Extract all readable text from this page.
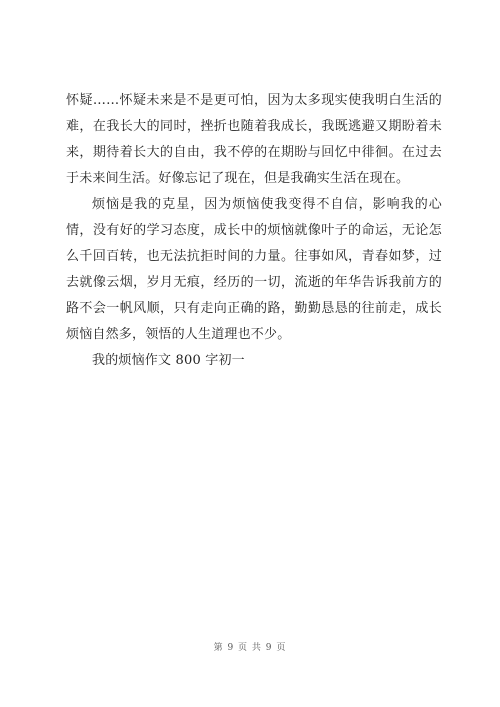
怀疑……怀疑未来是不是更可怕，因为太多现实使我明白生活的难，在我长大的同时，挫折也随着我成长，我既逃避又期盼着未来，期待着长大的自由，我不停的在期盼与回忆中徘徊。在过去于未来间生活。好像忘记了现在，但是我确实生活在现在。

烦恼是我的克星，因为烦恼使我变得不自信，影响我的心情，没有好的学习态度，成长中的烦恼就像叶子的命运，无论怎么千回百转，也无法抗拒时间的力量。往事如风，青春如梦，过去就像云烟，岁月无痕，经历的一切，流逝的年华告诉我前方的路不会一帆风顺，只有走向正确的路，勤勤恳恳的往前走，成长烦恼自然多，领悟的人生道理也不少。

我的烦恼作文 800 字初一

第 9 页 共 9 页
